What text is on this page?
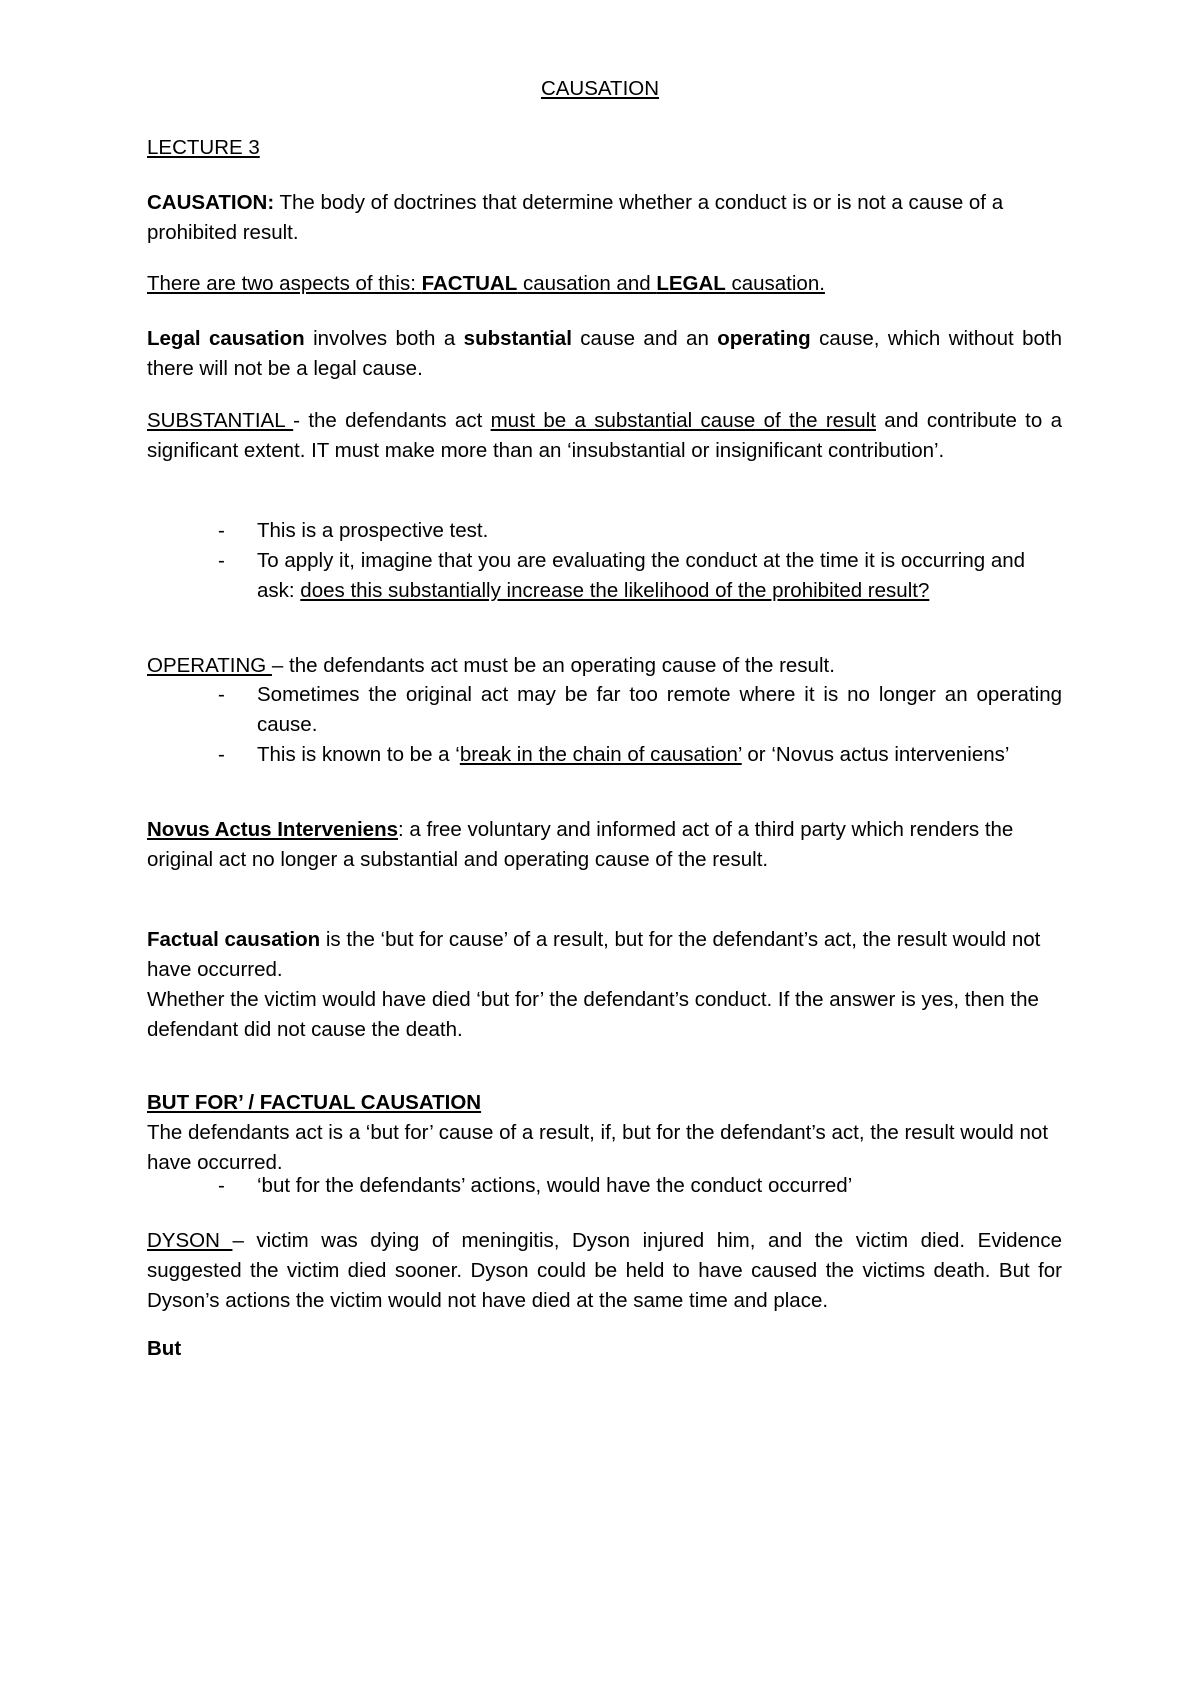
CAUSATION

LECTURE 3

CAUSATION: The body of doctrines that determine whether a conduct is or is not a cause of a prohibited result.

There are two aspects of this: FACTUAL causation and LEGAL causation.

Legal causation involves both a substantial cause and an operating cause, which without both there will not be a legal cause.

SUBSTANTIAL - the defendants act must be a substantial cause of the result and contribute to a significant extent. IT must make more than an ‘insubstantial or insignificant contribution’.

- This is a prospective test.
- To apply it, imagine that you are evaluating the conduct at the time it is occurring and ask: does this substantially increase the likelihood of the prohibited result?

OPERATING – the defendants act must be an operating cause of the result.

- Sometimes the original act may be far too remote where it is no longer an operating cause.
- This is known to be a ‘break in the chain of causation’ or ‘Novus actus interveniens’

Novus Actus Interveniens: a free voluntary and informed act of a third party which renders the original act no longer a substantial and operating cause of the result.

Factual causation is the ‘but for cause’ of a result, but for the defendant’s act, the result would not have occurred.
Whether the victim would have died ‘but for’ the defendant’s conduct. If the answer is yes, then the defendant did not cause the death.

BUT FOR’ / FACTUAL CAUSATION
The defendants act is a ‘but for’ cause of a result, if, but for the defendant’s act, the result would not have occurred.

- ‘but for the defendants’ actions, would have the conduct occurred’

DYSON – victim was dying of meningitis, Dyson injured him, and the victim died. Evidence suggested the victim died sooner. Dyson could be held to have caused the victims death. But for Dyson’s actions the victim would not have died at the same time and place.

But
